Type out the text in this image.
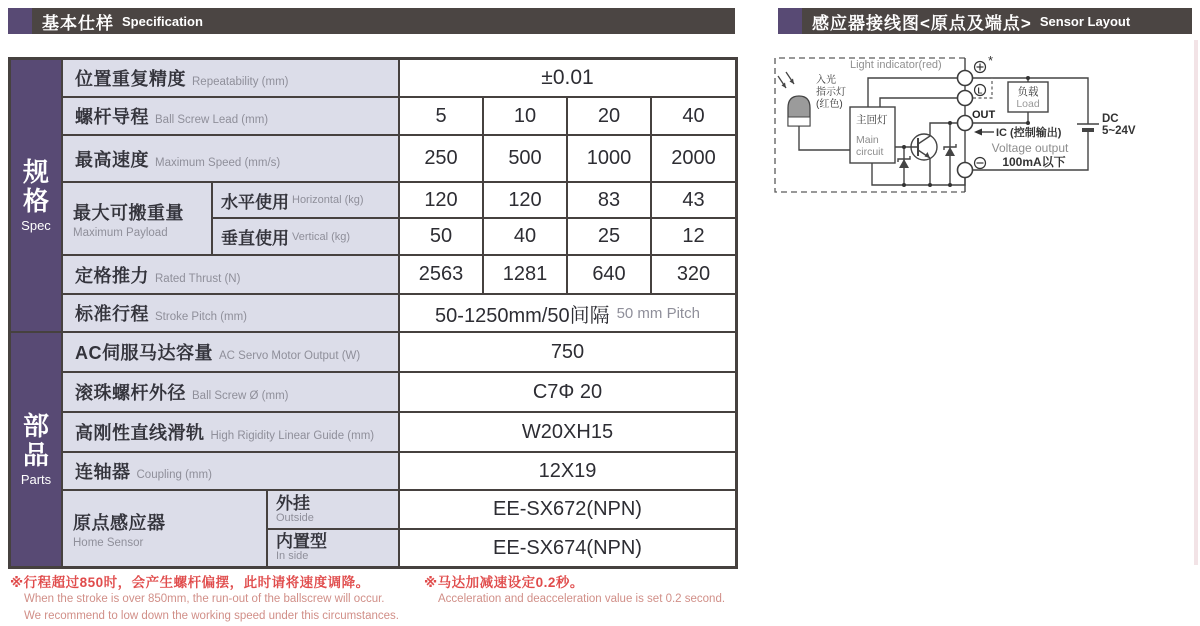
基本仕样 Specification	感应器接线图<原点及端点> Sensor Layout
规格
Spec
部品
Parts
位置重复精度 Repeatability (mm)	±0.01
螺杆导程 Ball Screw Lead (mm)	5	10	20	40
最高速度 Maximum Speed (mm/s)	250	500	1000	2000
最大可搬重量
Maximum Payload
水平使用 Horizontal (kg)	120	120	83	43
垂直使用 Vertical (kg)	50	40	25	12
定格推力 Rated Thrust (N)	2563	1281	640	320
标准行程 Stroke Pitch (mm)	50-1250mm/50间隔 50 mm Pitch
AC伺服马达容量 AC Servo Motor Output (W)	750
滚珠螺杆外径 Ball Screw Ø (mm)	C7Φ 20
高刚性直线滑轨 High Rigidity Linear Guide (mm)	W20XH15
连轴器 Coupling (mm)	12X19
原点感应器
Home Sensor
外挂
Outside	EE-SX672(NPN)
内置型
In side	EE-SX674(NPN)
※行程超过850时，会产生螺杆偏摆，此时请将速度调降。
When the stroke is over 850mm, the run-out of the ballscrew will occur.
We recommend to low down the working speed under this circumstances.
※马达加减速设定0.2秒。
Acceleration and deacceleration value is set 0.2 second.
*
L
OUT
IC (控制输出)
Light indicator(red)
入光
指示灯
(红色)
主回灯
Main
circuit
负载
Load
Voltage output
100mA以下
DC
5~24V
